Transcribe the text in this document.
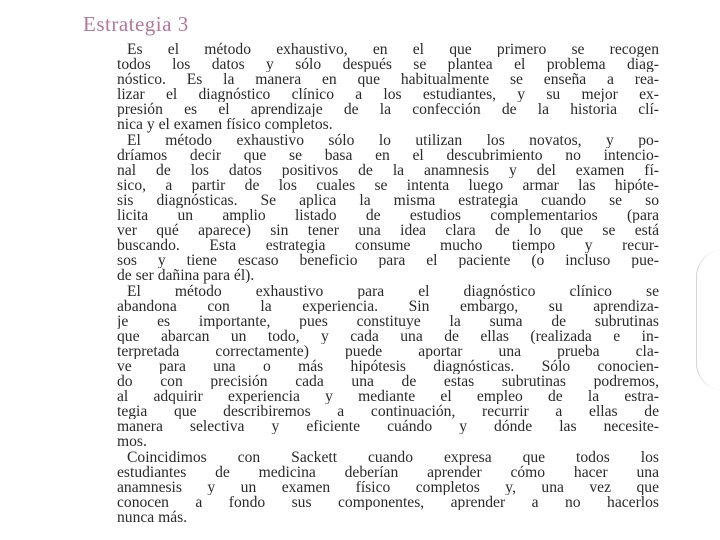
Estrategia 3
Es el método exhaustivo, en el que primero se recogen
todos los datos y sólo después se plantea el problema diag-
nóstico. Es la manera en que habitualmente se enseña a rea-
lizar el diagnóstico clínico a los estudiantes, y su mejor ex-
presión es el aprendizaje de la confección de la historia clí-
nica y el examen físico completos.
El método exhaustivo sólo lo utilizan los novatos, y po-
dríamos decir que se basa en el descubrimiento no intencio-
nal de los datos positivos de la anamnesis y del examen fí-
sico, a partir de los cuales se intenta luego armar las hipóte-
sis diagnósticas. Se aplica la misma estrategia cuando se so
licita un amplio listado de estudios complementarios (para
ver qué aparece) sin tener una idea clara de lo que se está
buscando. Esta estrategia consume mucho tiempo y recur-
sos y tiene escaso beneficio para el paciente (o incluso pue-
de ser dañina para él).
El método exhaustivo para el diagnóstico clínico se
abandona con la experiencia. Sin embargo, su aprendiza-
je es importante, pues constituye la suma de subrutinas
que abarcan un todo, y cada una de ellas (realizada e in-
terpretada correctamente) puede aportar una prueba cla-
ve para una o más hipótesis diagnósticas. Sólo conocien-
do con precisión cada una de estas subrutinas podremos,
al adquirir experiencia y mediante el empleo de la estra-
tegia que describiremos a continuación, recurrir a ellas de
manera selectiva y eficiente cuándo y dónde las necesite-
mos.
Coincidimos con Sackett cuando expresa que todos los
estudiantes de medicina deberían aprender cómo hacer una
anamnesis y un examen físico completos y, una vez que
conocen a fondo sus componentes, aprender a no hacerlos
nunca más.
